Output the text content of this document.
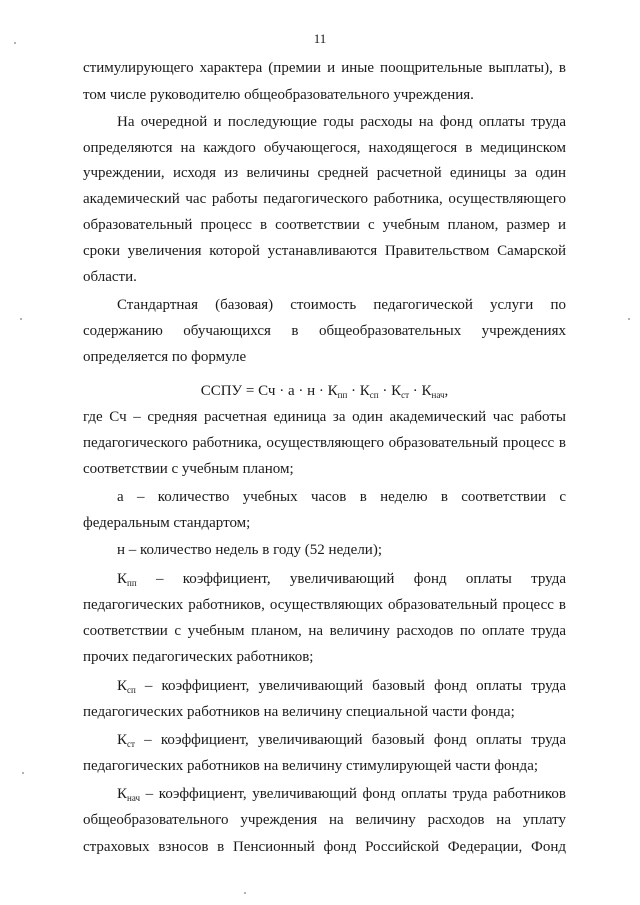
11
стимулирующего характера (премии и иные поощрительные выплаты), в
том числе руководителю общеобразовательного учреждения.
На очередной и последующие годы расходы на фонд оплаты труда
определяются на каждого обучающегося, находящегося в медицинском
учреждении, исходя из величины средней расчетной единицы за один
академический час работы педагогического работника, осуществляющего
образовательный процесс в соответствии с учебным планом, размер и
сроки увеличения которой устанавливаются Правительством Самарской
области.
Стандартная (базовая) стоимость педагогической услуги по
содержанию обучающихся в общеобразовательных учреждениях
определяется по формуле
ССПУ = Сч · $а \cdot н \cdot К_{пп} \cdot К_{сп} \cdot К_{ст} \cdot К_{нач}$,
где Сч – средняя расчетная единица за один академический час работы
педагогического работника, осуществляющего образовательный процесс в
соответствии с учебным планом;
а – количество учебных часов в неделю в соответствии с
федеральным стандартом;
н – количество недель в году (52 недели);
$К_{пп}$ – коэффициент, увеличивающий фонд оплаты труда
педагогических работников, осуществляющих образовательный процесс в
соответствии с учебным планом, на величину расходов по оплате труда
прочих педагогических работников;
$К_{сп}$ – коэффициент, увеличивающий базовый фонд оплаты труда
педагогических работников на величину специальной части фонда;
$К_{ст}$ – коэффициент, увеличивающий базовый фонд оплаты труда
педагогических работников на величину стимулирующей части фонда;
$К_{нач}$ – коэффициент, увеличивающий фонд оплаты труда работников
общеобразовательного учреждения на величину расходов на уплату
страховых взносов в Пенсионный фонд Российской Федерации, Фонд
